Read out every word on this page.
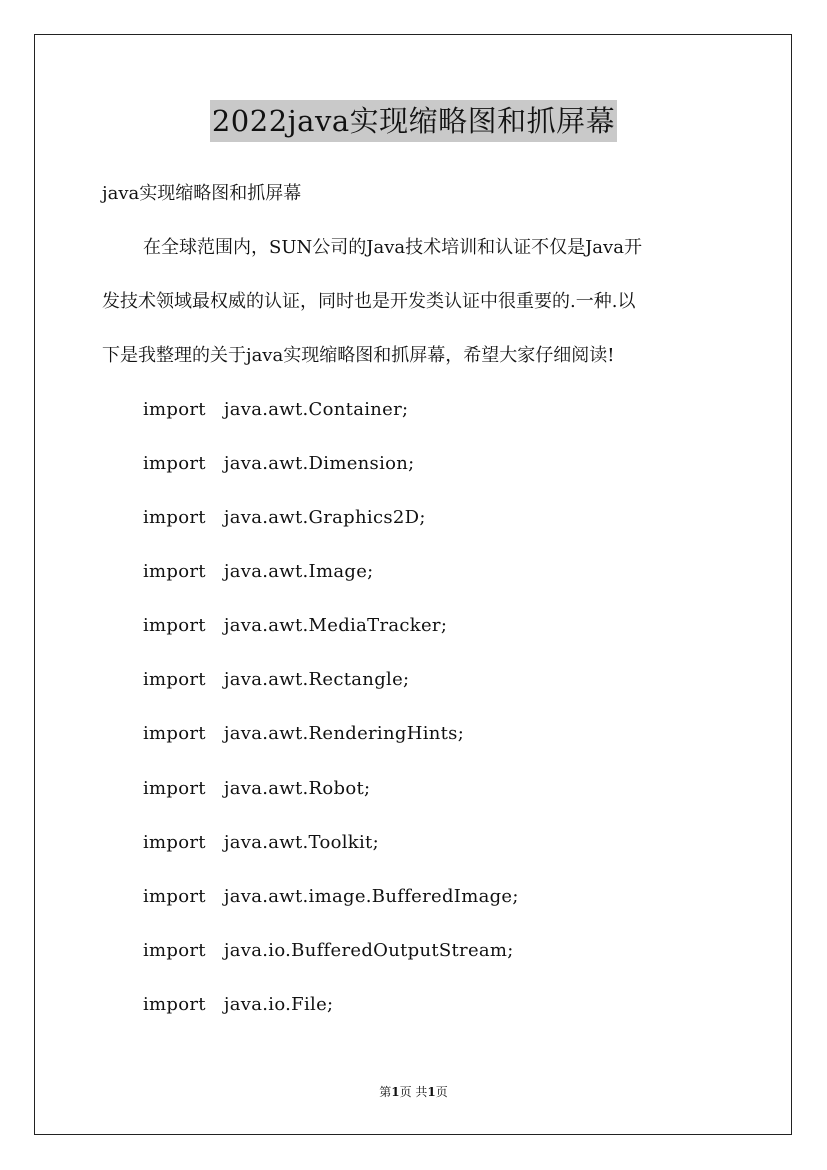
2022java实现缩略图和抓屏幕
java实现缩略图和抓屏幕
在全球范围内，SUN公司的Java技术培训和认证不仅是Java开
发技术领域最权威的认证，同时也是开发类认证中很重要的.一种.以
下是我整理的关于java实现缩略图和抓屏幕，希望大家仔细阅读!
import java.awt.Container;
import java.awt.Dimension;
import java.awt.Graphics2D;
import java.awt.Image;
import java.awt.MediaTracker;
import java.awt.Rectangle;
import java.awt.RenderingHints;
import java.awt.Robot;
import java.awt.Toolkit;
import java.awt.image.BufferedImage;
import java.io.BufferedOutputStream;
import java.io.File;
第1页 共1页
